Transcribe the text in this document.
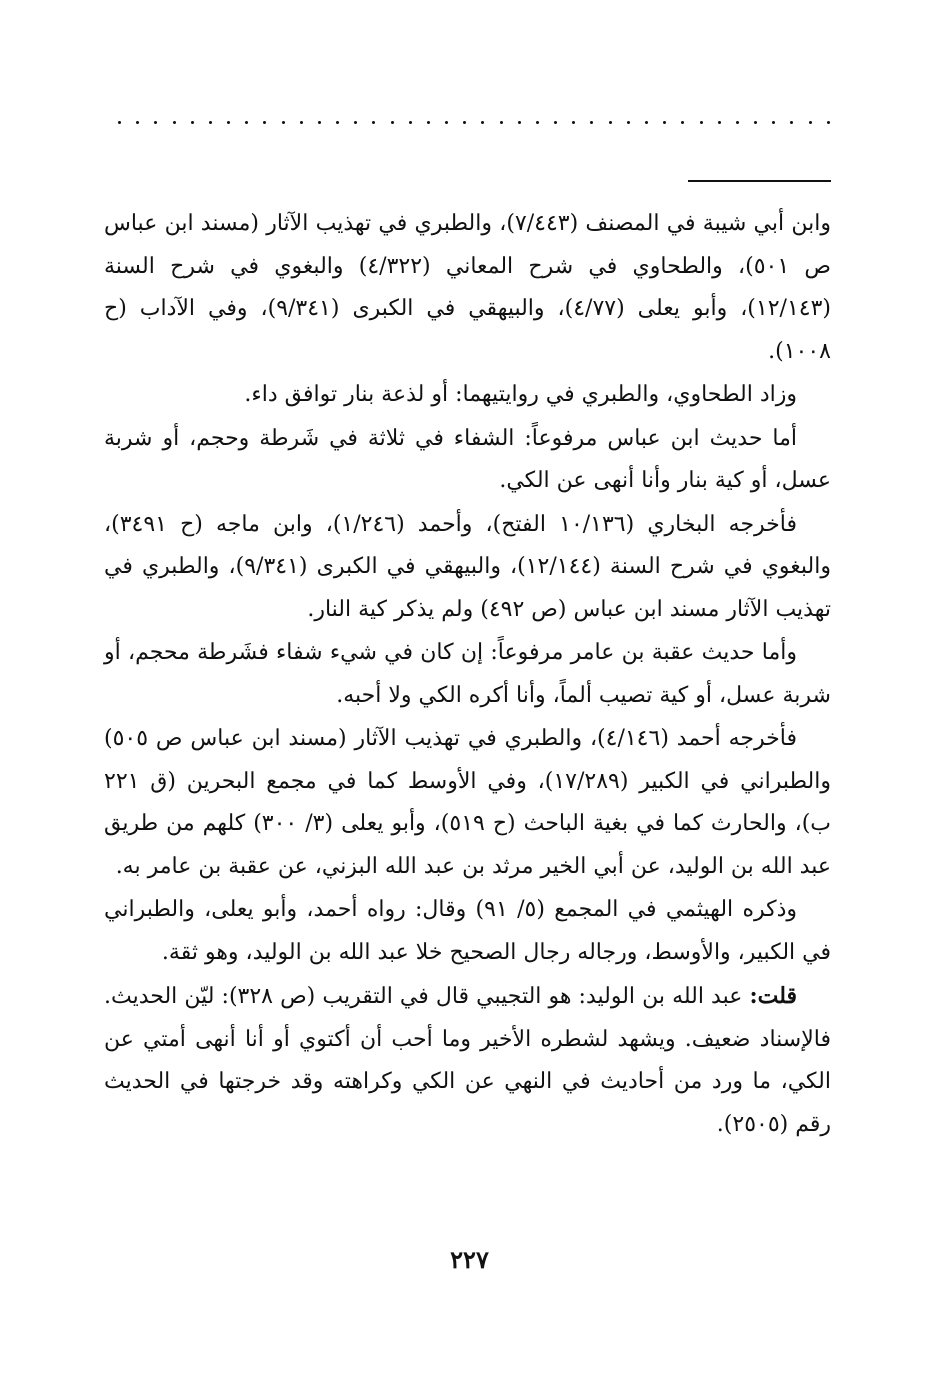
وابن أبي شيبة في المصنف (٧/٤٤٣)، والطبري في تهذيب الآثار (مسند ابن عباس ص ٥٠١)، والطحاوي في شرح المعاني (٤/٣٢٢) والبغوي في شرح السنة (١٢/١٤٣)، وأبو يعلى (٤/٧٧)، والبيهقي في الكبرى (٩/٣٤١)، وفي الآداب (ح ١٠٠٨).

وزاد الطحاوي، والطبري في روايتيهما: أو لذعة بنار توافق داء.

أما حديث ابن عباس مرفوعاً: الشفاء في ثلاثة في شَرطة وحجم، أو شربة عسل، أو كية بنار وأنا أنهى عن الكي.

فأخرجه البخاري (١٠/١٣٦ الفتح)، وأحمد (١/٢٤٦)، وابن ماجه (ح ٣٤٩١)، والبغوي في شرح السنة (١٢/١٤٤)، والبيهقي في الكبرى (٩/٣٤١)، والطبري في تهذيب الآثار مسند ابن عباس (ص ٤٩٢) ولم يذكر كية النار.

وأما حديث عقبة بن عامر مرفوعاً: إن كان في شيء شفاء فشَرطة محجم، أو شربة عسل، أو كية تصيب ألماً، وأنا أكره الكي ولا أحبه.

فأخرجه أحمد (٤/١٤٦)، والطبري في تهذيب الآثار (مسند ابن عباس ص ٥٠٥) والطبراني في الكبير (١٧/٢٨٩)، وفي الأوسط كما في مجمع البحرين (ق ٢٢١ ب)، والحارث كما في بغية الباحث (ح ٥١٩)، وأبو يعلى (٣/ ٣٠٠) كلهم من طريق عبد الله بن الوليد، عن أبي الخير مرثد بن عبد الله البزني، عن عقبة بن عامر به.

وذكره الهيثمي في المجمع (٥/ ٩١) وقال: رواه أحمد، وأبو يعلى، والطبراني في الكبير، والأوسط، ورجاله رجال الصحيح خلا عبد الله بن الوليد، وهو ثقة.

قلت: عبد الله بن الوليد: هو التجيبي قال في التقريب (ص ٣٢٨): ليّن الحديث. فالإسناد ضعيف. ويشهد لشطره الأخير وما أحب أن أكتوي أو أنا أنهى أمتي عن الكي، ما ورد من أحاديث في النهي عن الكي وكراهته وقد خرجتها في الحديث رقم (٢٥٠٥).

٢٢٧
